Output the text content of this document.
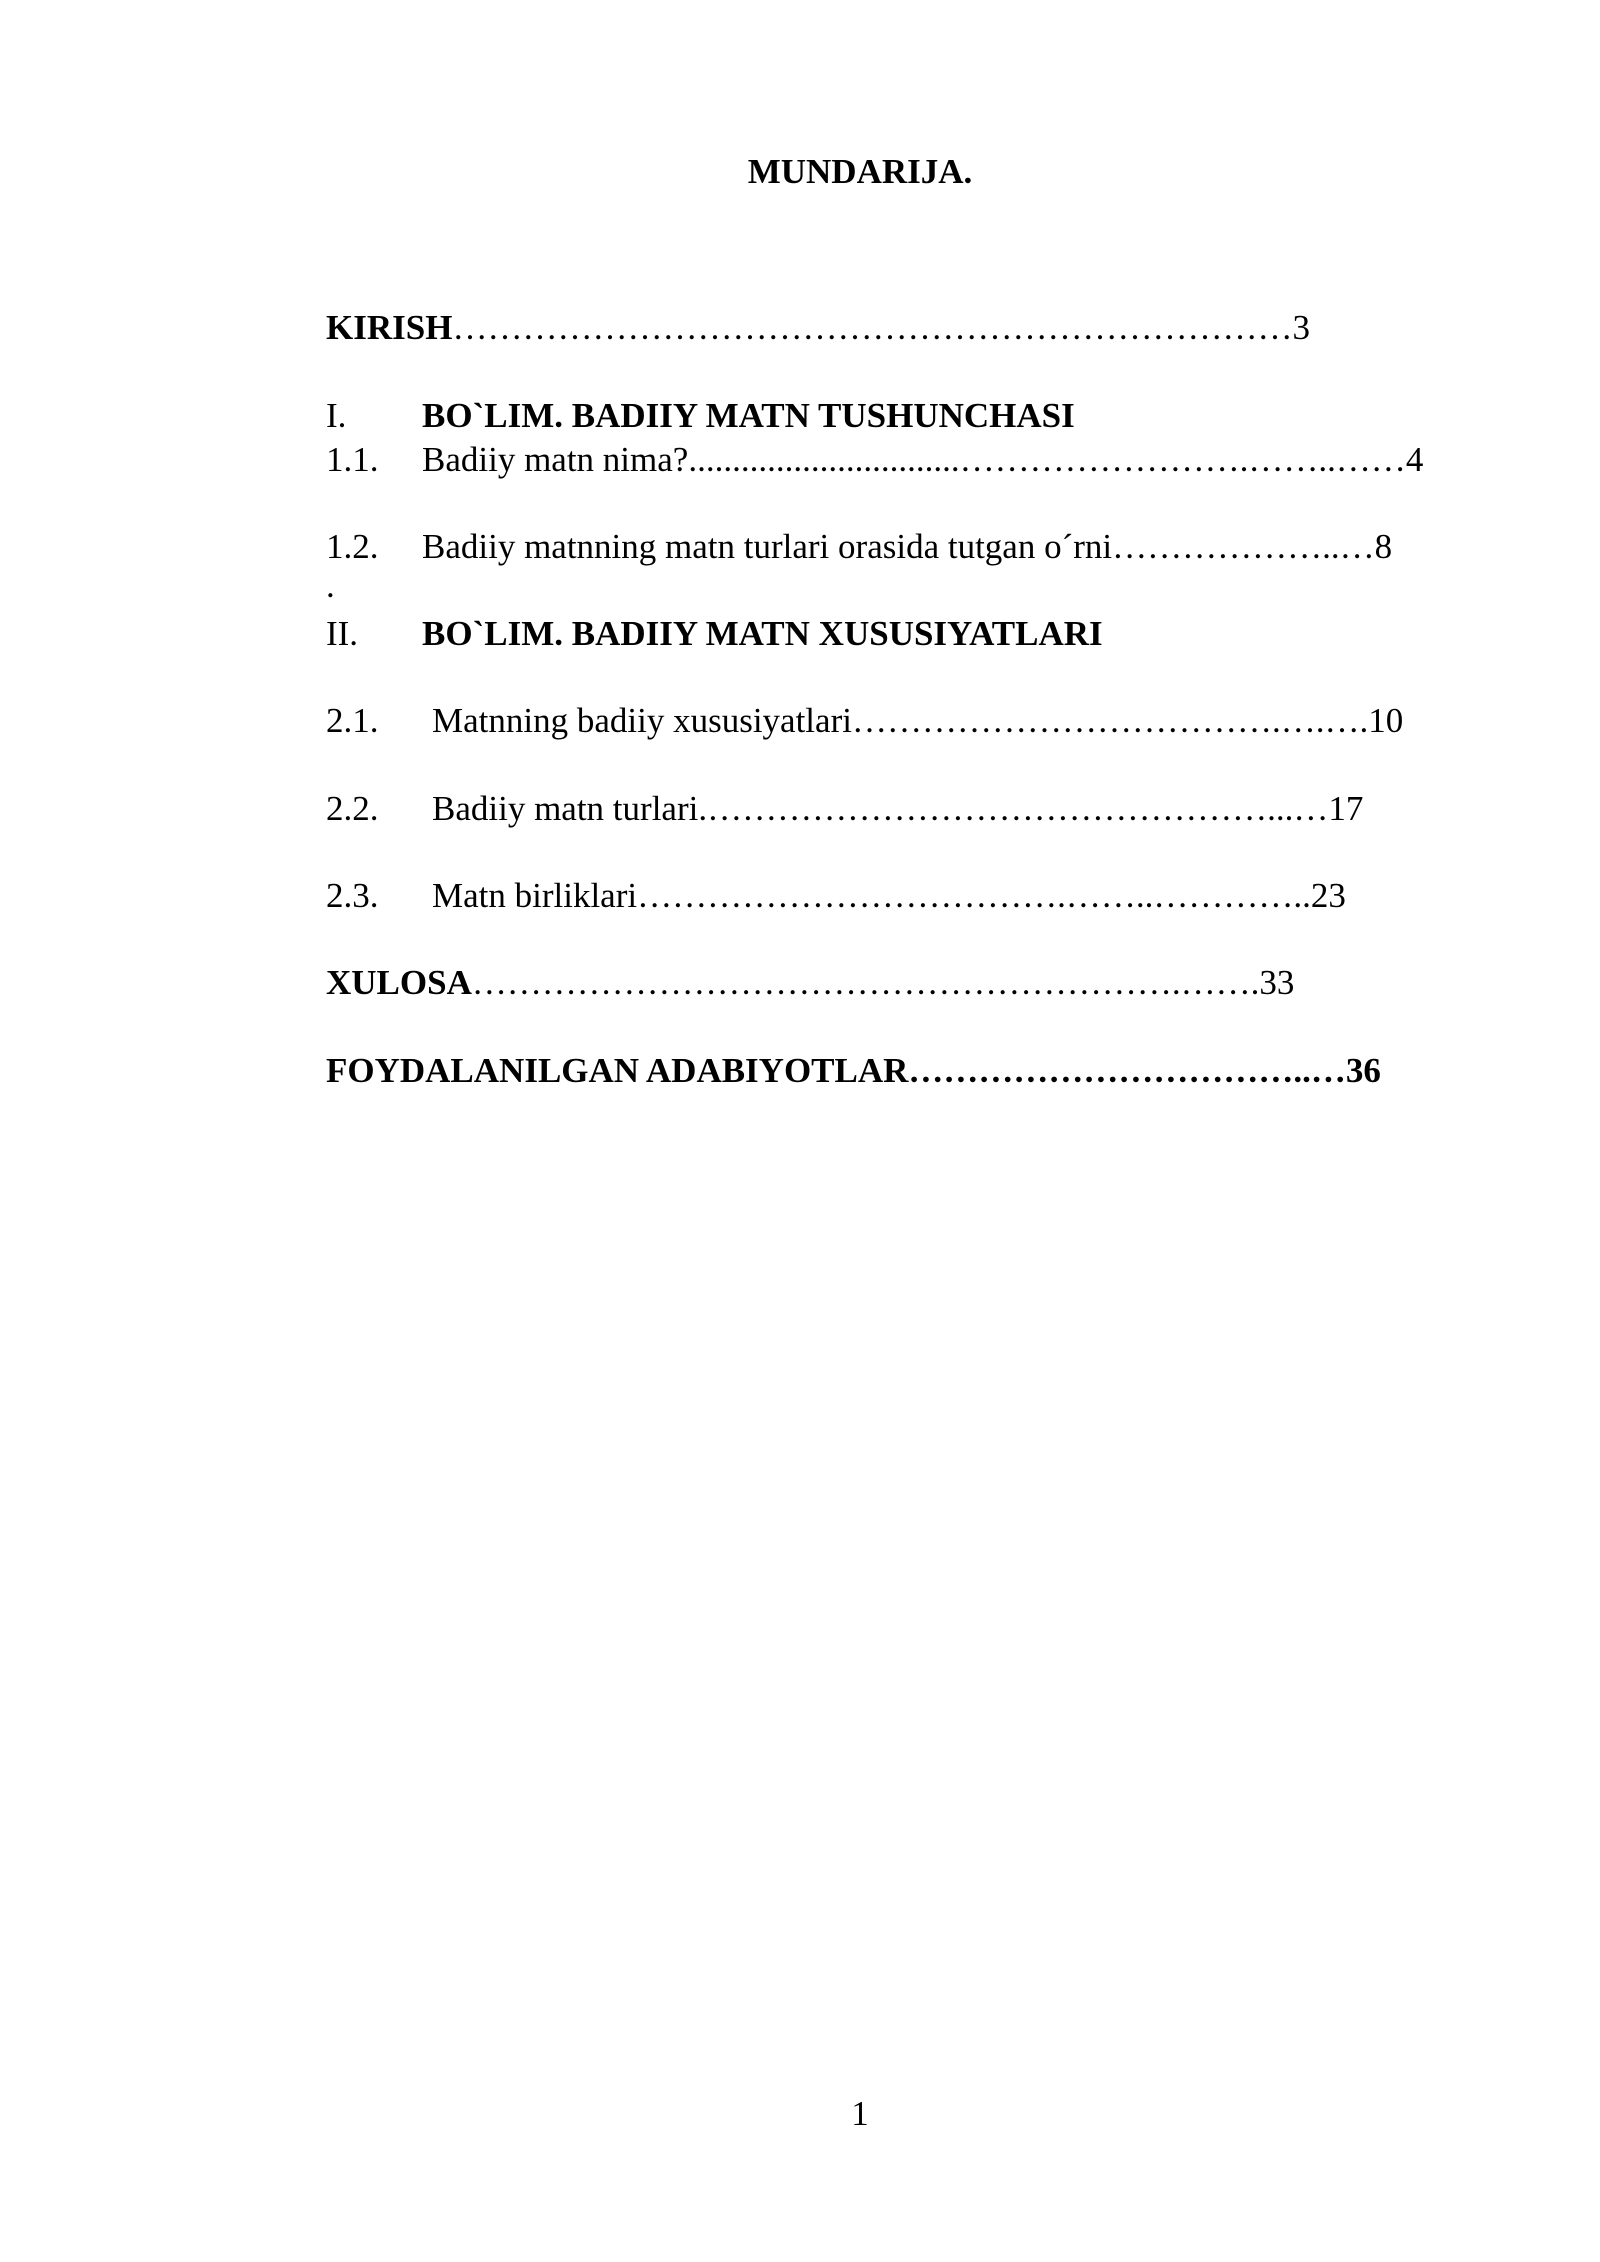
MUNDARIJA.
KIRISH………………………………………………………………3
I. BO`LIM. BADIIY MATN TUSHUNCHASI
1.1. Badiiy matn nima?...............................…………………….……..……4
1.2. Badiiy matnning matn turlari orasida tutgan o´rni………………..…8
.
II. BO`LIM. BADIIY MATN XUSUSIYATLARI
2.1. Matnning badiiy xususiyatlari……………………………….….….10
2.2. Badiiy matn turlari.…………………………………………...…17
2.3. Matn birliklari……………………………….……..…………..23
XULOSA…………………………………………………….…….33
FOYDALANILGAN ADABIYOTLAR……………………………..…36
1
